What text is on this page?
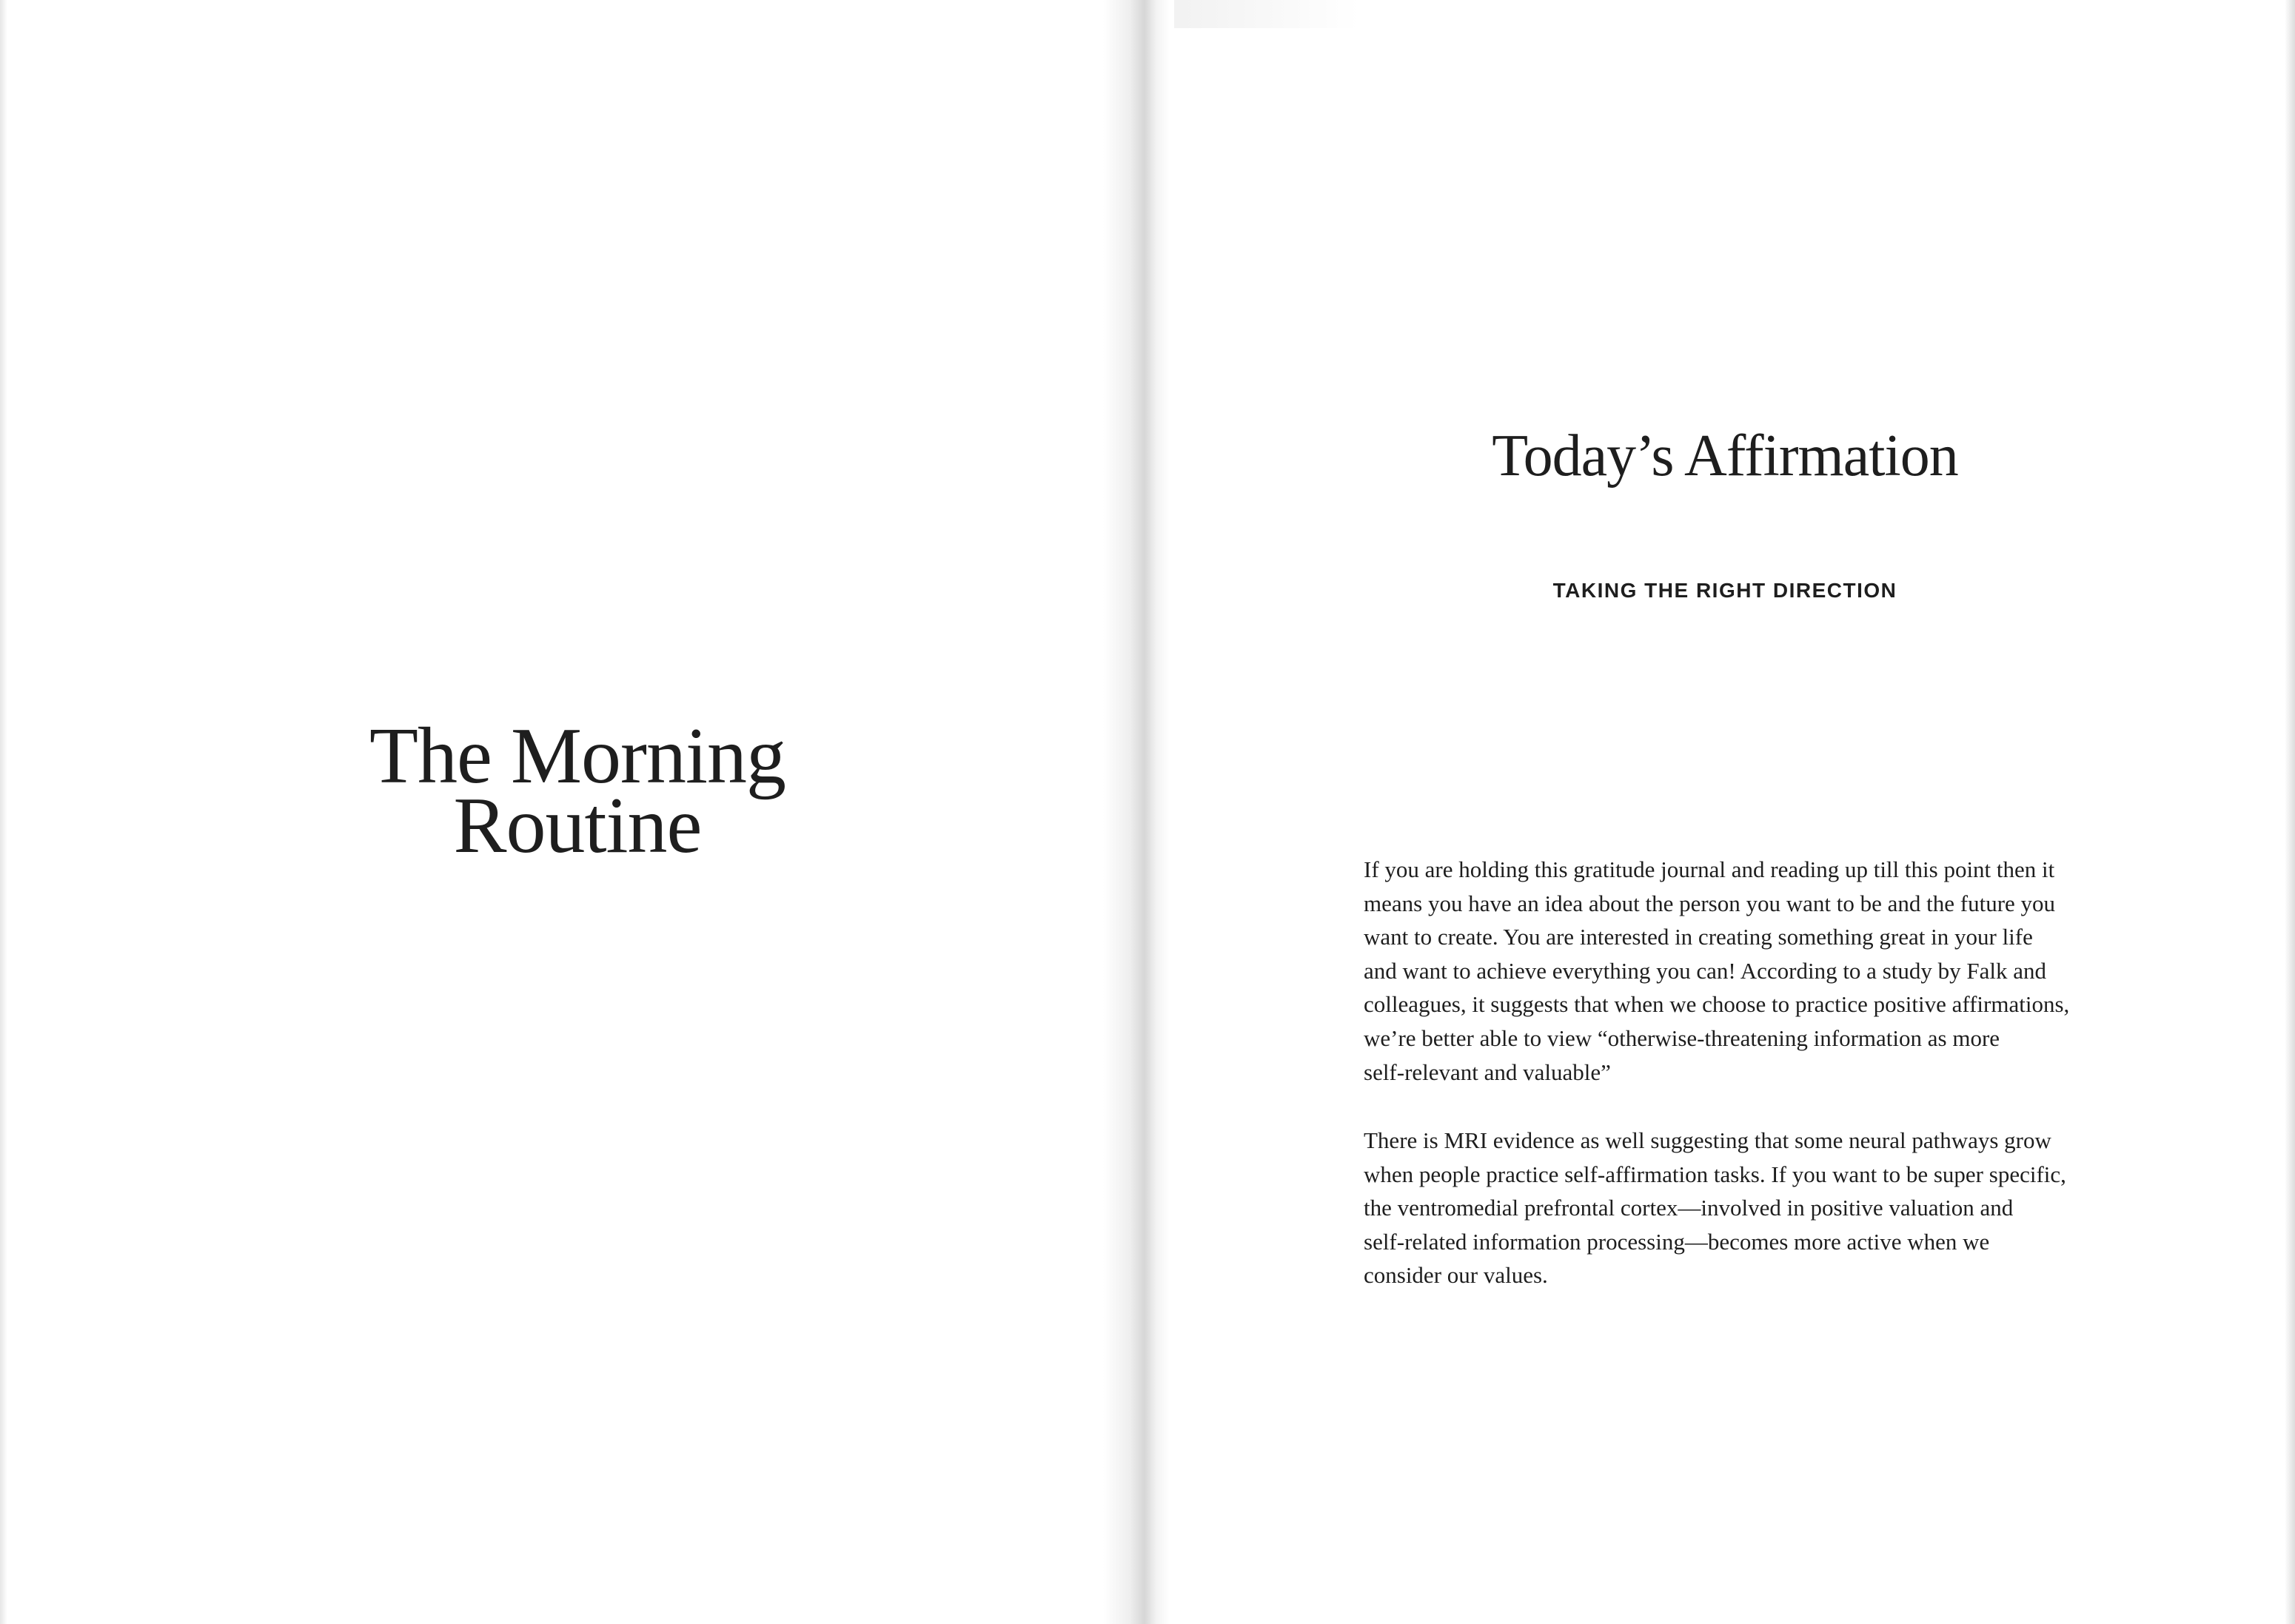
The Morning
Routine
Today’s Affirmation
TAKING THE RIGHT DIRECTION

If you are holding this gratitude journal and reading up till this point then it
means you have an idea about the person you want to be and the future you
want to create. You are interested in creating something great in your life
and want to achieve everything you can! According to a study by Falk and
colleagues, it suggests that when we choose to practice positive affirmations,
we’re better able to view “otherwise-threatening information as more
self-relevant and valuable”

There is MRI evidence as well suggesting that some neural pathways grow
when people practice self-affirmation tasks. If you want to be super specific,
the ventromedial prefrontal cortex—involved in positive valuation and
self-related information processing—becomes more active when we
consider our values.
